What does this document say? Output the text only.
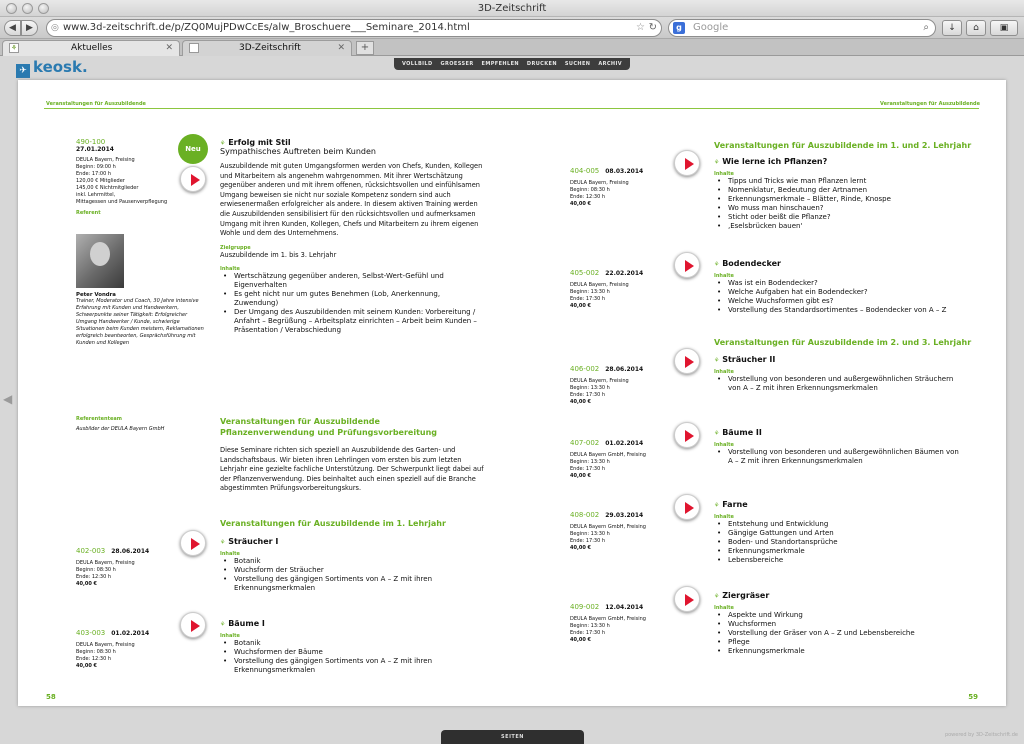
3D-Zeitschrift
◀	▶	◎ www.3d-zeitschrift.de/p/ZQ0MujPDwCcEs/alw_Broschuere___Seminare_2014.html	☆ ↻	g	Google	⌕	↓	⌂	▣
⚘	Aktuelles	✕	3D-Zeitschrift	✕	+
✈ keosk.	VOLLBILD GROESSER EMPFEHLEN DRUCKEN SUCHEN ARCHIV
◀
Veranstaltungen für Auszubildende	Veranstaltungen für Auszubildende
490-100
27.01.2014
DEULA Bayern, Freising
Beginn: 09:00 h
Ende: 17:00 h
120,00 € Mitglieder
145,00 € Nichtmitglieder
inkl. Lehrmittel,
Mittagessen und Pausenverpflegung
Referent
Peter Vondra
Trainer, Moderator und Coach, 30 Jahre intensive Erfahrung mit Kunden und Handwerkern, Schwerpunkte seiner Tätigkeit: Erfolgreicher Umgang Handwerker / Kunde, schwierige Situationen beim Kunden meistern, Reklamationen erfolgreich beantworten, Gesprächsführung mit Kunden und Kollegen
Neu
⚘ Erfolg mit Stil
Sympathisches Auftreten beim Kunden
Auszubildende mit guten Umgangsformen werden von Chefs, Kunden, Kollegen und Mitarbeitern als angenehm wahrgenommen. Mit ihrer Wertschätzung gegenüber anderen und mit ihrem offenen, rücksichtsvollen und einfühlsamen Umgang beweisen sie nicht nur soziale Kompetenz sondern sind auch erwiesenermaßen erfolgreicher als andere. In diesem aktiven Training werden die Auszubildenden sensibilisiert für den rücksichtsvollen und aufmerksamen Umgang mit ihren Kunden, Kollegen, Chefs und Mitarbeitern zu ihrem eigenen Wohle und dem des Unternehmens.
Zielgruppe
Auszubildende im 1. bis 3. Lehrjahr
Inhalte
• Wertschätzung gegenüber anderen, Selbst-Wert-Gefühl und Eigenverhalten
• Es geht nicht nur um gutes Benehmen (Lob, Anerkennung, Zuwendung)
• Der Umgang des Auszubildenden mit seinem Kunden: Vorbereitung / Anfahrt – Begrüßung – Arbeitsplatz einrichten – Arbeit beim Kunden – Präsentation / Verabschiedung
Referententeam
Ausbilder der DEULA Bayern GmbH
Veranstaltungen für Auszubildende
Pflanzenverwendung und Prüfungsvorbereitung
Diese Seminare richten sich speziell an Auszubildende des Garten- und Landschaftsbaus. Wir bieten ihren Lehrlingen vom ersten bis zum letzten Lehrjahr eine gezielte fachliche Unterstützung. Der Schwerpunkt liegt dabei auf der Pflanzenverwendung. Dies beinhaltet auch einen speziell auf die Branche abgestimmten Prüfungsvorbereitungskurs.
Veranstaltungen für Auszubildende im 1. Lehrjahr
Veranstaltungen für Auszubildende im 1. und 2. Lehrjahr
Veranstaltungen für Auszubildende im 2. und 3. Lehrjahr
402-003 28.06.2014
DEULA Bayern, Freising
Beginn: 08:30 h
Ende: 12:30 h
40,00 €
⚘ Sträucher I
Inhalte
• Botanik
• Wuchsform der Sträucher
• Vorstellung des gängigen Sortiments von A – Z mit ihren Erkennungsmerkmalen
403-003 01.02.2014
DEULA Bayern, Freising
Beginn: 08:30 h
Ende: 12:30 h
40,00 €
⚘ Bäume I
Inhalte
• Botanik
• Wuchsformen der Bäume
• Vorstellung des gängigen Sortiments von A – Z mit ihren Erkennungsmerkmalen
404-005 08.03.2014
DEULA Bayern, Freising
Beginn: 08:30 h
Ende: 12:30 h
40,00 €
⚘ Wie lerne ich Pflanzen?
Inhalte
• Tipps und Tricks wie man Pflanzen lernt
• Nomenklatur, Bedeutung der Artnamen
• Erkennungsmerkmale – Blätter, Rinde, Knospe
• Wo muss man hinschauen?
• Sticht oder beißt die Pflanze?
• ‚Eselsbrücken bauen'
405-002 22.02.2014
DEULA Bayern, Freising
Beginn: 13:30 h
Ende: 17:30 h
40,00 €
⚘ Bodendecker
Inhalte
• Was ist ein Bodendecker?
• Welche Aufgaben hat ein Bodendecker?
• Welche Wuchsformen gibt es?
• Vorstellung des Standardsortimentes – Bodendecker von A – Z
406-002 28.06.2014
DEULA Bayern, Freising
Beginn: 13:30 h
Ende: 17:30 h
40,00 €
⚘ Sträucher II
Inhalte
• Vorstellung von besonderen und außergewöhnlichen Sträuchern von A – Z mit ihren Erkennungsmerkmalen
407-002 01.02.2014
DEULA Bayern GmbH, Freising
Beginn: 13:30 h
Ende: 17:30 h
40,00 €
⚘ Bäume II
Inhalte
• Vorstellung von besonderen und außergewöhnlichen Bäumen von A – Z mit ihren Erkennungsmerkmalen
408-002 29.03.2014
DEULA Bayern GmbH, Freising
Beginn: 13:30 h
Ende: 17:30 h
40,00 €
⚘ Farne
Inhalte
• Entstehung und Entwicklung
• Gängige Gattungen und Arten
• Boden- und Standortansprüche
• Erkennungsmerkmale
• Lebensbereiche
409-002 12.04.2014
DEULA Bayern GmbH, Freising
Beginn: 13:30 h
Ende: 17:30 h
40,00 €
⚘ Ziergräser
Inhalte
• Aspekte und Wirkung
• Wuchsformen
• Vorstellung der Gräser von A – Z und Lebensbereiche
• Pflege
• Erkennungsmerkmale
58	59
SEITEN	powered by 3D-Zeitschrift.de
